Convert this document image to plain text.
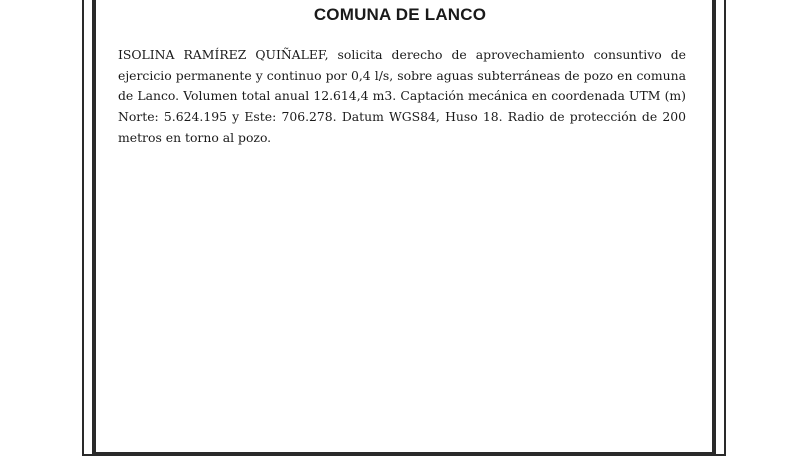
COMUNA DE LANCO

ISOLINA RAMÍREZ QUIÑALEF, solicita derecho de aprovechamiento consuntivo de ejercicio permanente y continuo por 0,4 l/s, sobre aguas subterráneas de pozo en comuna de Lanco. Volumen total anual 12.614,4 m3. Captación mecánica en coordenada UTM (m) Norte: 5.624.195 y Este: 706.278. Datum WGS84, Huso 18. Radio de protección de 200 metros en torno al pozo.
